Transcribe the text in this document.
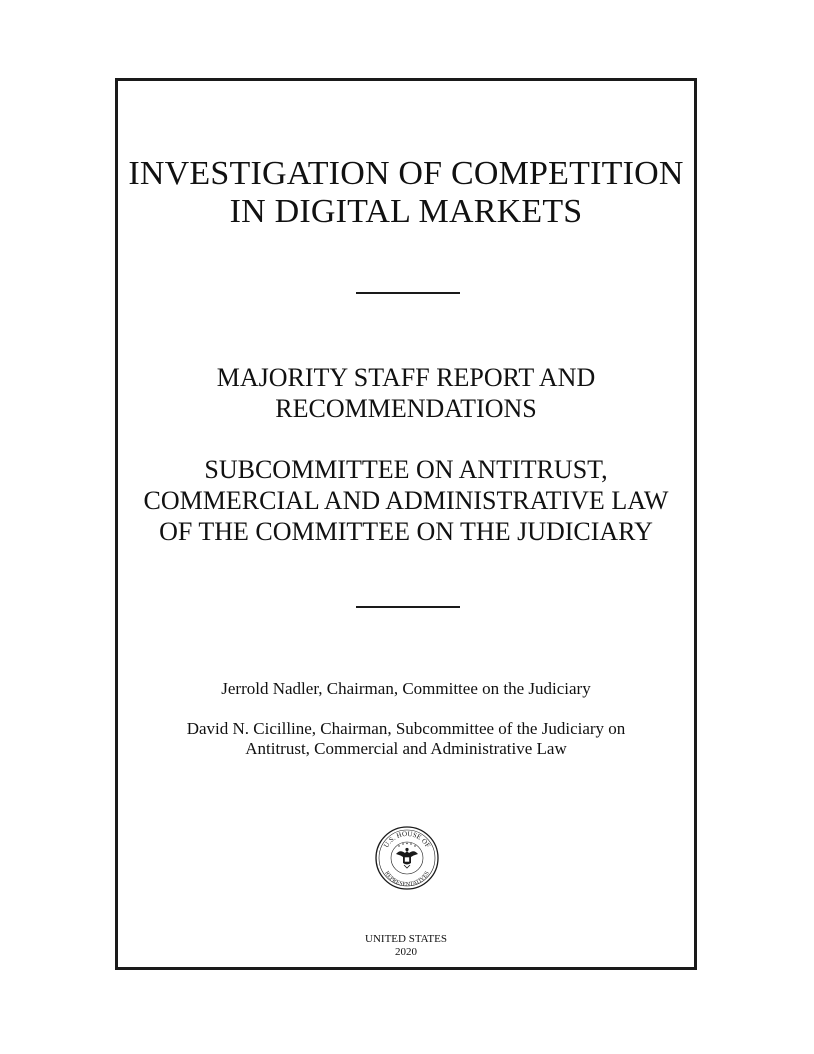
INVESTIGATION OF COMPETITION
IN DIGITAL MARKETS
MAJORITY STAFF REPORT AND
RECOMMENDATIONS
SUBCOMMITTEE ON ANTITRUST,
COMMERCIAL AND ADMINISTRATIVE LAW
OF THE COMMITTEE ON THE JUDICIARY
Jerrold Nadler, Chairman, Committee on the Judiciary
David N. Cicilline, Chairman, Subcommittee of the Judiciary on
Antitrust, Commercial and Administrative Law
U.S. HOUSE OF
REPRESENTATIVES
UNITED STATES
2020
